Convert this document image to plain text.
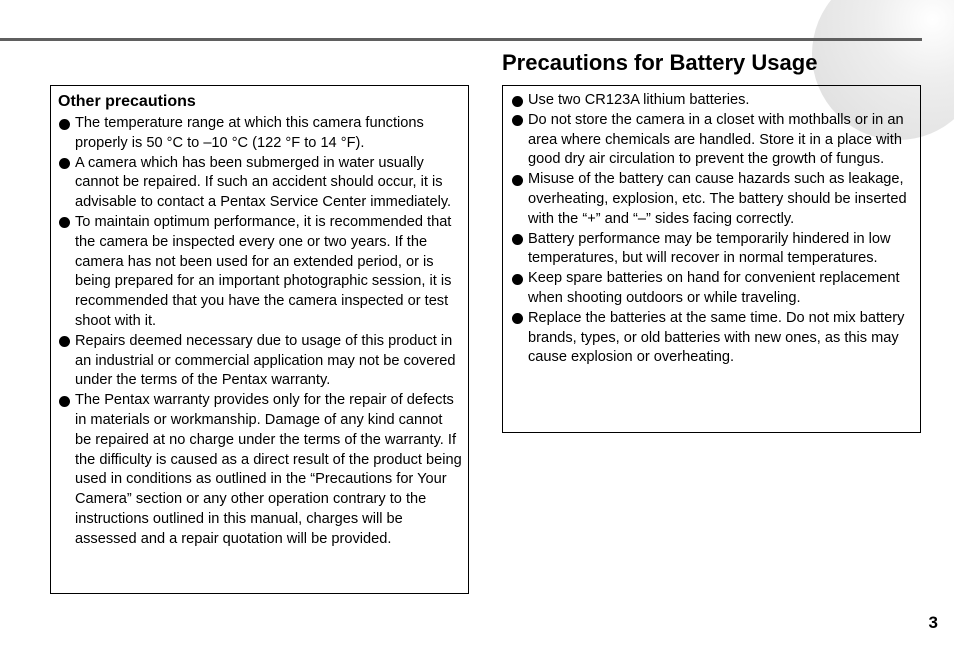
Precautions for Battery Usage
Other precautions
The temperature range at which this camera functions properly is 50 °C to –10 °C (122 °F to 14 °F).
A camera which has been submerged in water usually cannot be repaired. If such an accident should occur, it is advisable to contact a Pentax Service Center immediately.
To maintain optimum performance, it is recommended that the camera be inspected every one or two years. If the camera has not been used for an extended period, or is being prepared for an important photographic session, it is recommended that you have the camera inspected or test shoot with it.
Repairs deemed necessary due to usage of this product in an industrial or commercial application may not be covered under the terms of the Pentax warranty.
The Pentax warranty provides only for the repair of defects in materials or workmanship. Damage of any kind cannot be repaired at no charge under the terms of the warranty. If the difficulty is caused as a direct result of the product being used in conditions as outlined in the “Precautions for Your Camera” section or any other operation contrary to the instructions outlined in this manual, charges will be assessed and a repair quotation will be provided.
Use two CR123A lithium batteries.
Do not store the camera in a closet with mothballs or in an area where chemicals are handled. Store it in a place with good dry air circulation to prevent the growth of fungus.
Misuse of the battery can cause hazards such as leakage, overheating, explosion, etc. The battery should be inserted with the “+” and “–” sides facing correctly.
Battery performance may be temporarily hindered in low temperatures, but will recover in normal temperatures.
Keep spare batteries on hand for convenient replacement when shooting outdoors or while traveling.
Replace the batteries at the same time. Do not mix battery brands, types, or old batteries with new ones, as this may cause explosion or overheating.
3
